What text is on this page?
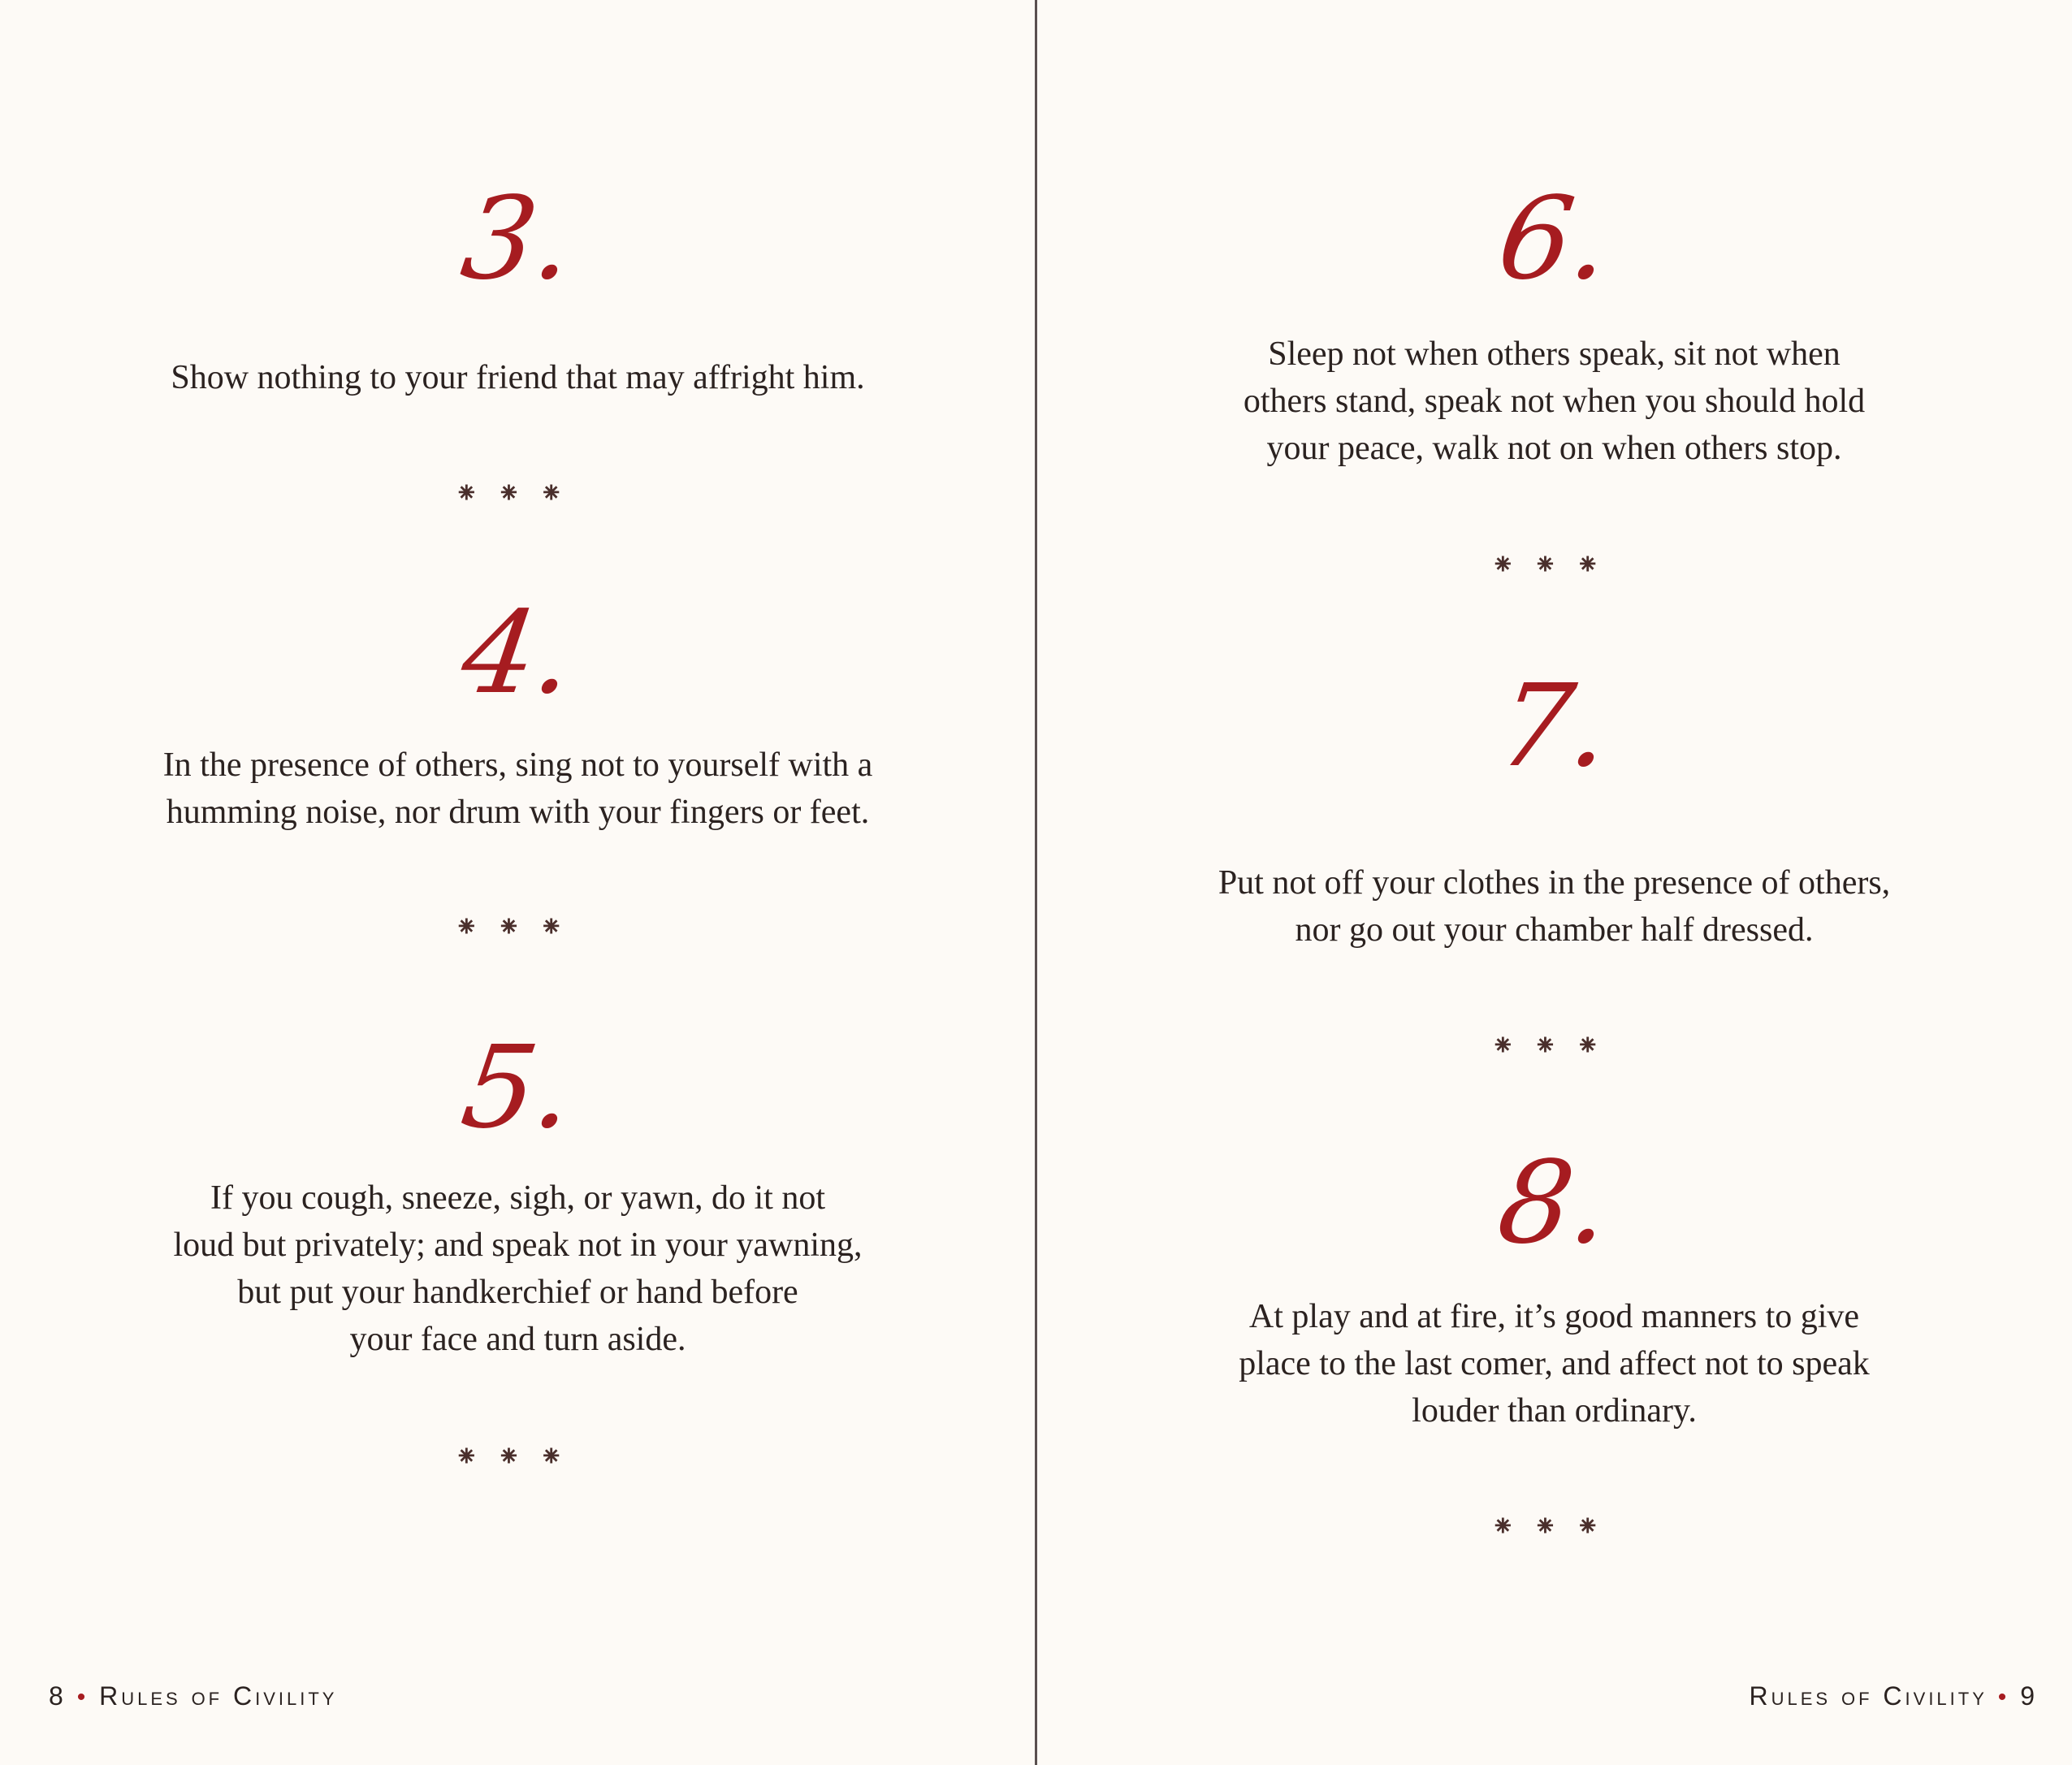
3.
Show nothing to your friend that may affright him.
⁕⁕⁕
4.
In the presence of others, sing not to yourself with a
humming noise, nor drum with your fingers or feet.
⁕⁕⁕
5.
If you cough, sneeze, sigh, or yawn, do it not
loud but privately; and speak not in your yawning,
but put your handkerchief or hand before
your face and turn aside.
⁕⁕⁕
8 • Rules of Civility
6.
Sleep not when others speak, sit not when
others stand, speak not when you should hold
your peace, walk not on when others stop.
⁕⁕⁕
7.
Put not off your clothes in the presence of others,
nor go out your chamber half dressed.
⁕⁕⁕
8.
At play and at fire, it’s good manners to give
place to the last comer, and affect not to speak
louder than ordinary.
⁕⁕⁕
Rules of Civility • 9
